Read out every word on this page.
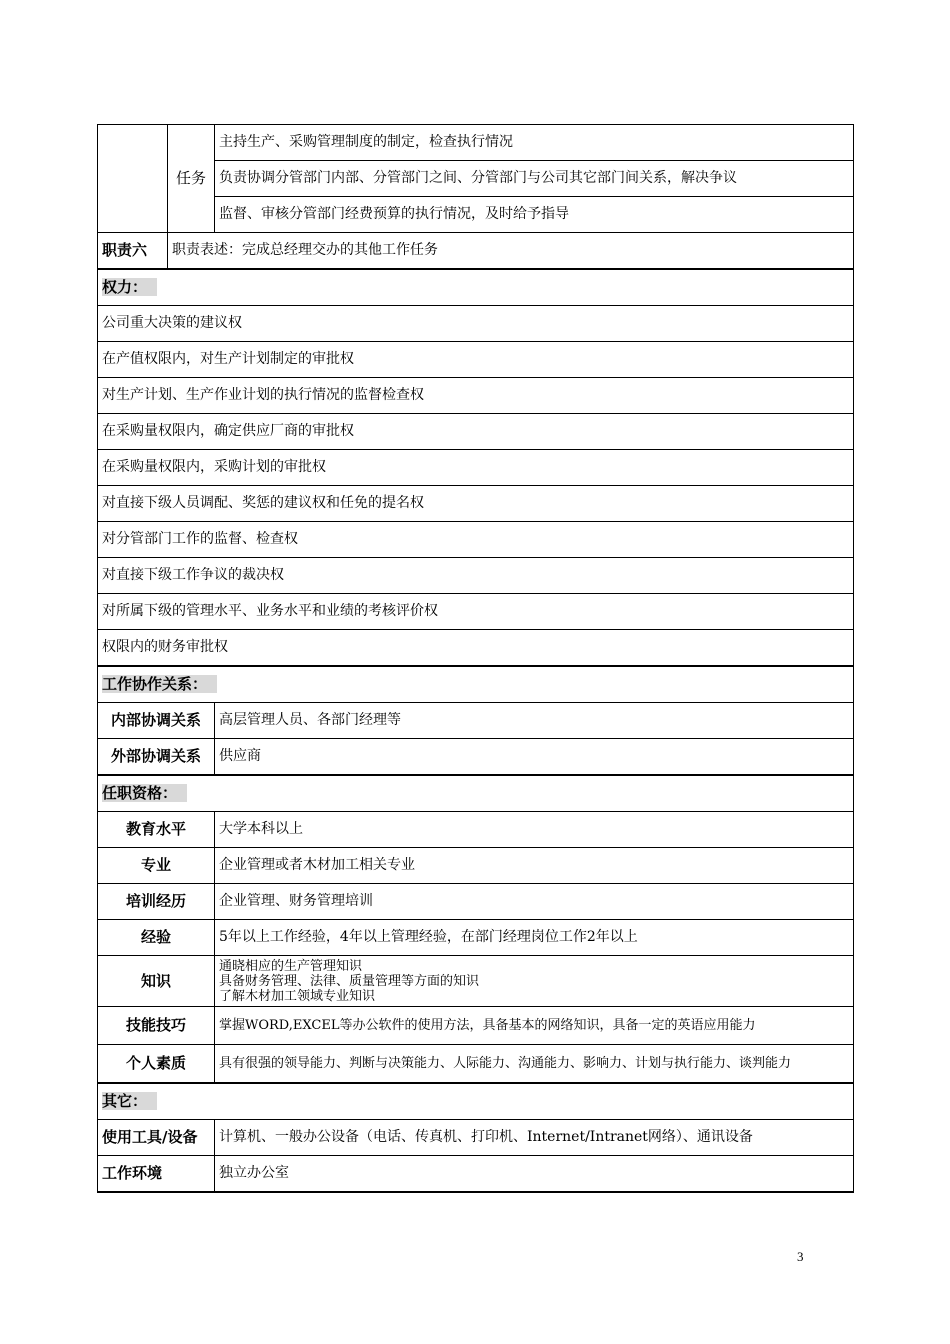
	任务	主持生产、采购管理制度的制定，检查执行情况
		负责协调分管部门内部、分管部门之间、分管部门与公司其它部门间关系，解决争议
		监督、审核分管部门经费预算的执行情况，及时给予指导
职责六	职责表述：完成总经理交办的其他工作任务	
权力：		
公司重大决策的建议权		
在产值权限内，对生产计划制定的审批权		
对生产计划、生产作业计划的执行情况的监督检查权		
在采购量权限内，确定供应厂商的审批权		
在采购量权限内，采购计划的审批权		
对直接下级人员调配、奖惩的建议权和任免的提名权		
对分管部门工作的监督、检查权		
对直接下级工作争议的裁决权		
对所属下级的管理水平、业务水平和业绩的考核评价权		
权限内的财务审批权		
工作协作关系：		
内部协调关系		高层管理人员、各部门经理等
外部协调关系		供应商
任职资格：		
教育水平		大学本科以上
专业		企业管理或者木材加工相关专业
培训经历		企业管理、财务管理培训
经验		5年以上工作经验，4年以上管理经验，在部门经理岗位工作2年以上
知识		通晓相应的生产管理知识
具备财务管理、法律、质量管理等方面的知识
了解木材加工领域专业知识

技能技巧		掌握WORD,EXCEL等办公软件的使用方法，具备基本的网络知识，具备一定的英语应用能力
个人素质		具有很强的领导能力、判断与决策能力、人际能力、沟通能力、影响力、计划与执行能力、谈判能力
其它：		
使用工具/设备		计算机、一般办公设备（电话、传真机、打印机、Internet/Intranet网络）、通讯设备
工作环境		独立办公室
3
